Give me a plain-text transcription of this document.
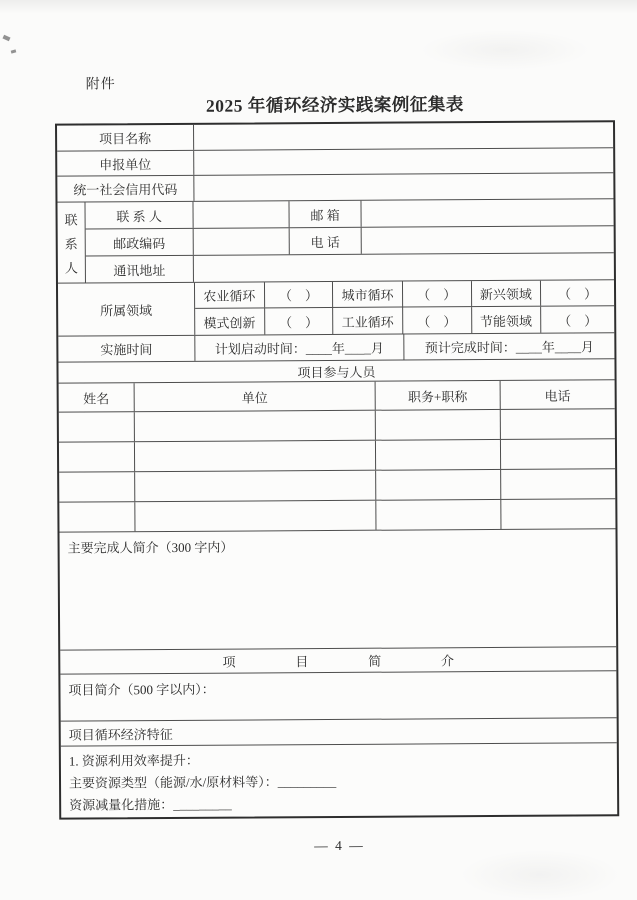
附件
2025 年循环经济实践案例征集表
项目名称
申报单位
统一社会信用代码
联
系
人
联 系 人	邮 箱
邮政编码	电 话
通讯地址
所属领域
农业循环	（　）	城市循环	（　）	新兴领域	（　）
模式创新	（　）	工业循环	（　）	节能领域	（　）
实施时间	计划启动时间：____年____月	预计完成时间：____年____月
项目参与人员
姓名	单位	职务+职称	电话
主要完成人简介（300 字内）
项目简介
项目简介（500 字以内）：
项目循环经济特征

1. 资源利用效率提升：

主要资源类型（能源/水/原材料等）：_________

资源减量化措施：_________

— 4 —
